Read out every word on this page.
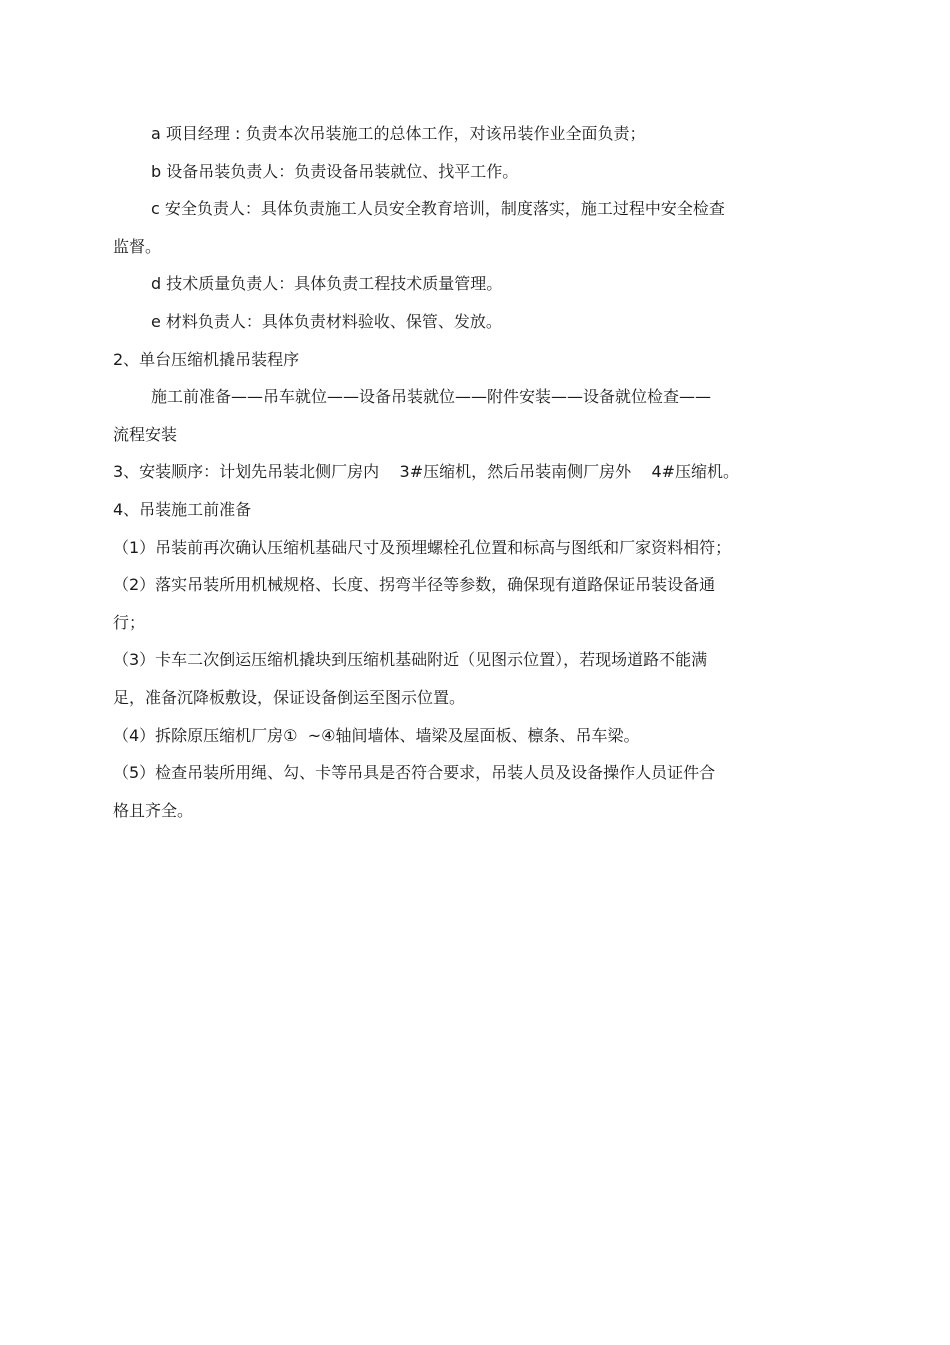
a 项目经理 : 负责本次吊装施工的总体工作，对该吊装作业全面负责；
b 设备吊装负责人：负责设备吊装就位、找平工作。
c 安全负责人：具体负责施工人员安全教育培训，制度落实，施工过程中安全检查
监督。
d 技术质量负责人：具体负责工程技术质量管理。
e 材料负责人：具体负责材料验收、保管、发放。
2、单台压缩机撬吊装程序
施工前准备——吊车就位——设备吊装就位——附件安装——设备就位检查——
流程安装
3、安装顺序：计划先吊装北侧厂房内    3#压缩机，然后吊装南侧厂房外    4#压缩机。
4、吊装施工前准备
（1）吊装前再次确认压缩机基础尺寸及预埋螺栓孔位置和标高与图纸和厂家资料相符；
（2）落实吊装所用机械规格、长度、拐弯半径等参数，确保现有道路保证吊装设备通
行；
（3）卡车二次倒运压缩机撬块到压缩机基础附近（见图示位置），若现场道路不能满
足，准备沉降板敷设，保证设备倒运至图示位置。
（4）拆除原压缩机厂房①  ~④轴间墙体、墙梁及屋面板、檩条、吊车梁。
（5）检查吊装所用绳、勾、卡等吊具是否符合要求，吊装人员及设备操作人员证件合
格且齐全。
